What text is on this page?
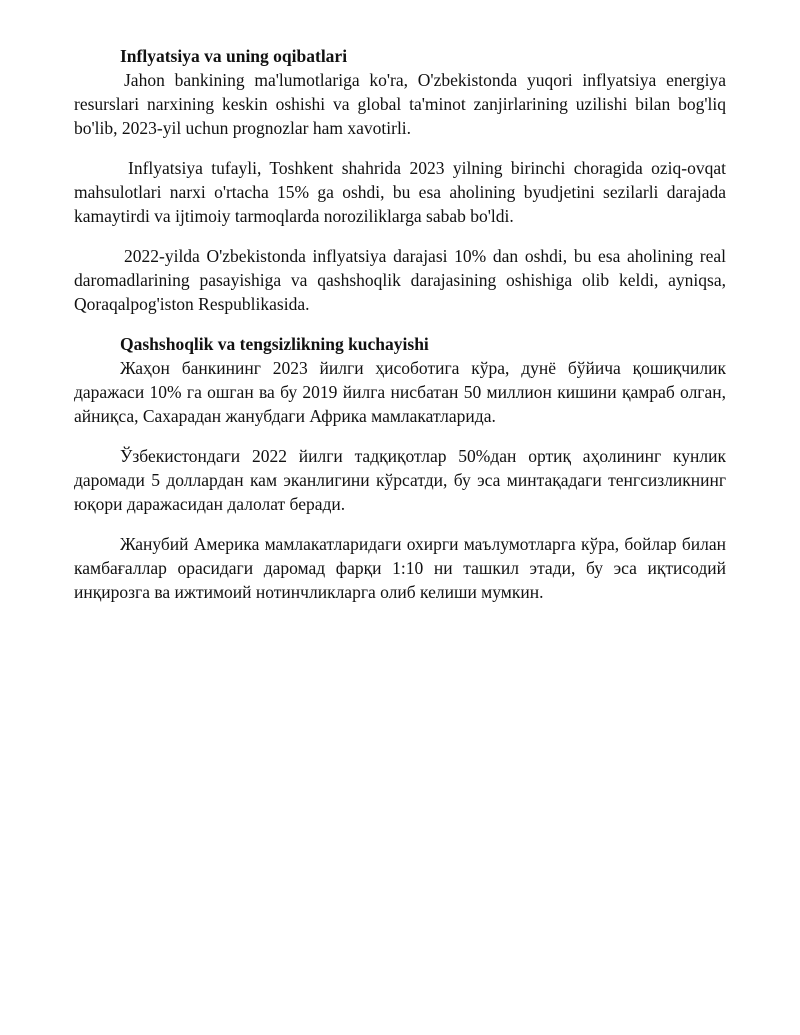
Inflyatsiya va uning oqibatlari

Jahon bankining ma'lumotlariga ko'ra, O'zbekistonda yuqori inflyatsiya energiya resurslari narxining keskin oshishi va global ta'minot zanjirlarining uzilishi bilan bog'liq bo'lib, 2023-yil uchun prognozlar ham xavotirli.

Inflyatsiya tufayli, Toshkent shahrida 2023 yilning birinchi choragida oziq-ovqat mahsulotlari narxi o'rtacha 15% ga oshdi, bu esa aholining byudjetini sezilarli darajada kamaytirdi va ijtimoiy tarmoqlarda noroziliklarga sabab bo'ldi.

2022-yilda O'zbekistonda inflyatsiya darajasi 10% dan oshdi, bu esa aholining real daromadlarining pasayishiga va qashshoqlik darajasining oshishiga olib keldi, ayniqsa, Qoraqalpog'iston Respublikasida.

Qashshoqlik va tengsizlikning kuchayishi

Жаҳон банкининг 2023 йилги ҳисоботига кўра, дунё бўйича қошиқчилик даражаси 10% га ошган ва бу 2019 йилга нисбатан 50 миллион кишини қамраб олган, айниқса, Сахарадан жанубдаги Африка мамлакатларида.

Ўзбекистондаги 2022 йилги тадқиқотлар 50%дан ортиқ аҳолининг кунлик даромади 5 доллардан кам эканлигини кўрсатди, бу эса минтақадаги тенгсизликнинг юқори даражасидан далолат беради.

Жанубий Америка мамлакатларидаги охирги маълумотларга кўра, бойлар билан камбағаллар орасидаги даромад фарқи 1:10 ни ташкил этади, бу эса иқтисодий инқирозга ва ижтимоий нотинчликларга олиб келиши мумкин.
